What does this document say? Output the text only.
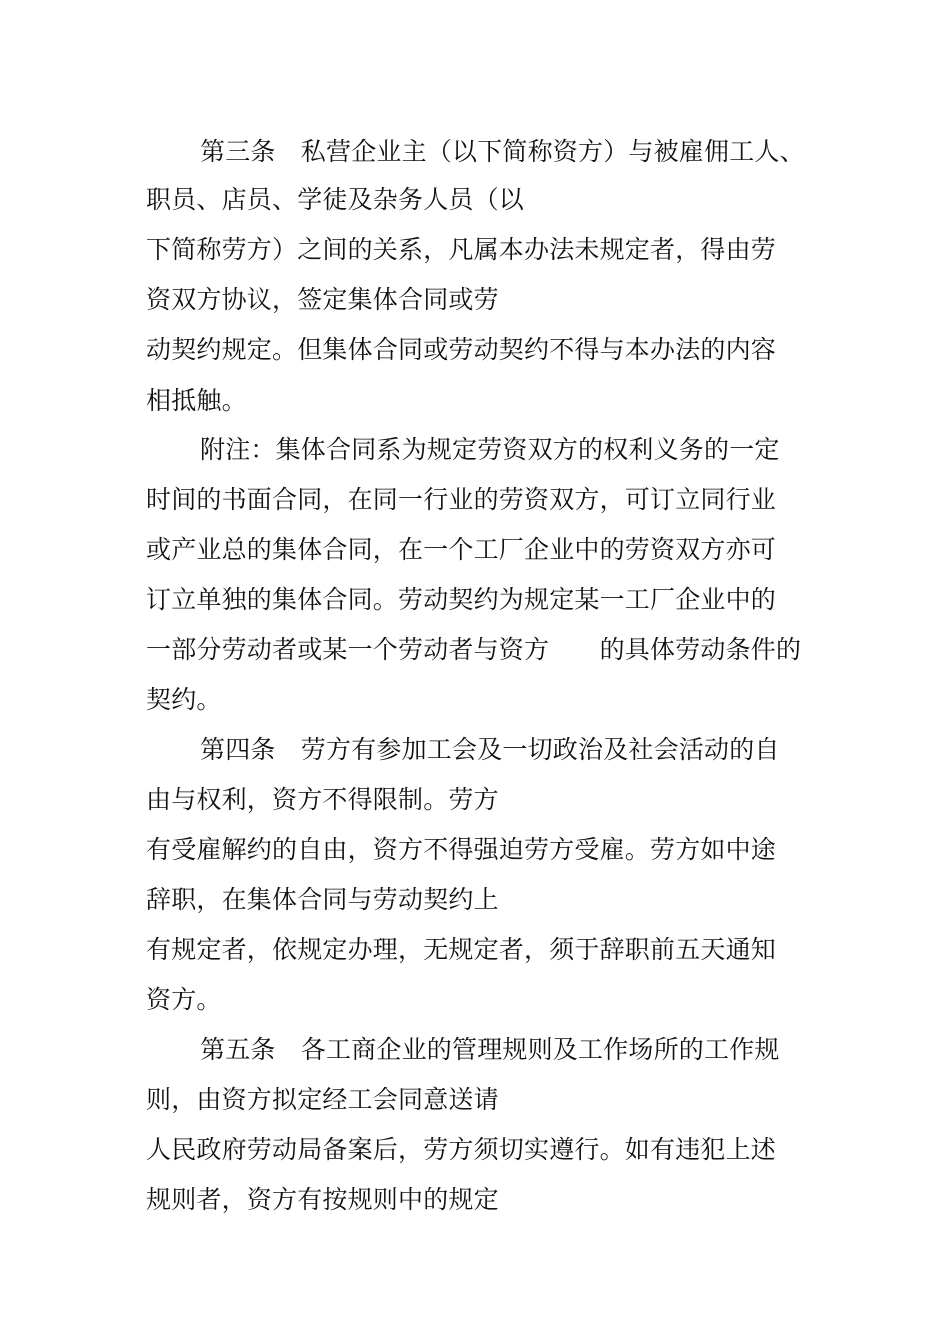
第三条　私营企业主（以下简称资方）与被雇佣工人、
职员、店员、学徒及杂务人员（以
下简称劳方）之间的关系，凡属本办法未规定者，得由劳
资双方协议，签定集体合同或劳
动契约规定。但集体合同或劳动契约不得与本办法的内容
相抵触。
附注：集体合同系为规定劳资双方的权利义务的一定
时间的书面合同，在同一行业的劳资双方，可订立同行业
或产业总的集体合同，在一个工厂企业中的劳资双方亦可
订立单独的集体合同。劳动契约为规定某一工厂企业中的
一部分劳动者或某一个劳动者与资方　　的具体劳动条件的
契约。
第四条　劳方有参加工会及一切政治及社会活动的自
由与权利，资方不得限制。劳方
有受雇解约的自由，资方不得强迫劳方受雇。劳方如中途
辞职，在集体合同与劳动契约上
有规定者，依规定办理，无规定者，须于辞职前五天通知
资方。
第五条　各工商企业的管理规则及工作场所的工作规
则，由资方拟定经工会同意送请
人民政府劳动局备案后，劳方须切实遵行。如有违犯上述
规则者，资方有按规则中的规定
